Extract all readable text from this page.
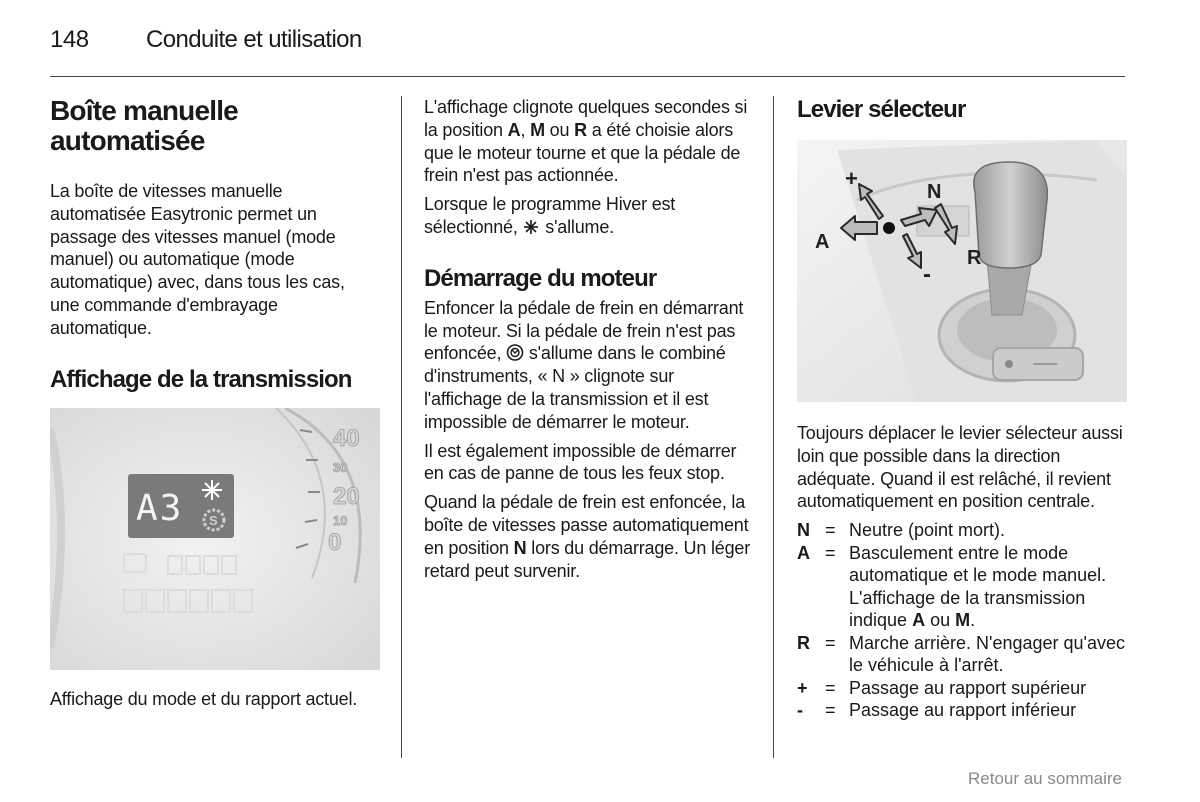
148 Conduite et utilisation
Boîte manuelle automatisée

La boîte de vitesses manuelle automatisée Easytronic permet un passage des vitesses manuel (mode manuel) ou automatique (mode automatique) avec, dans tous les cas, une commande d'embrayage automatique.

Affichage de la transmission
40
30
20
10
0
A3 S

Affichage du mode et du rapport actuel.

L'affichage clignote quelques secondes si la position A, M ou R a été choisie alors que le moteur tourne et que la pédale de frein n'est pas actionnée.

Lorsque le programme Hiver est sélectionné,  s'allume.

Démarrage du moteur

Enfoncer la pédale de frein en démarrant le moteur. Si la pédale de frein n'est pas enfoncée,  s'allume dans le combiné d'instruments, « N » clignote sur l'affichage de la transmission et il est impossible de démarrer le moteur.

Il est également impossible de démarrer en cas de panne de tous les feux stop.

Quand la pédale de frein est enfoncée, la boîte de vitesses passe automatiquement en position N lors du démarrage. Un léger retard peut survenir.

Levier sélecteur
+
N
A
R
-

Toujours déplacer le levier sélecteur aussi loin que possible dans la direction adéquate. Quand il est relâché, il revient automatiquement en position centrale.

N = Neutre (point mort).
A = Basculement entre le mode automatique et le mode manuel. L'affichage de la transmission indique A ou M.
R = Marche arrière. N'engager qu'avec le véhicule à l'arrêt.
+ = Passage au rapport supérieur
-	= Passage au rapport inférieur
Retour au sommaire
